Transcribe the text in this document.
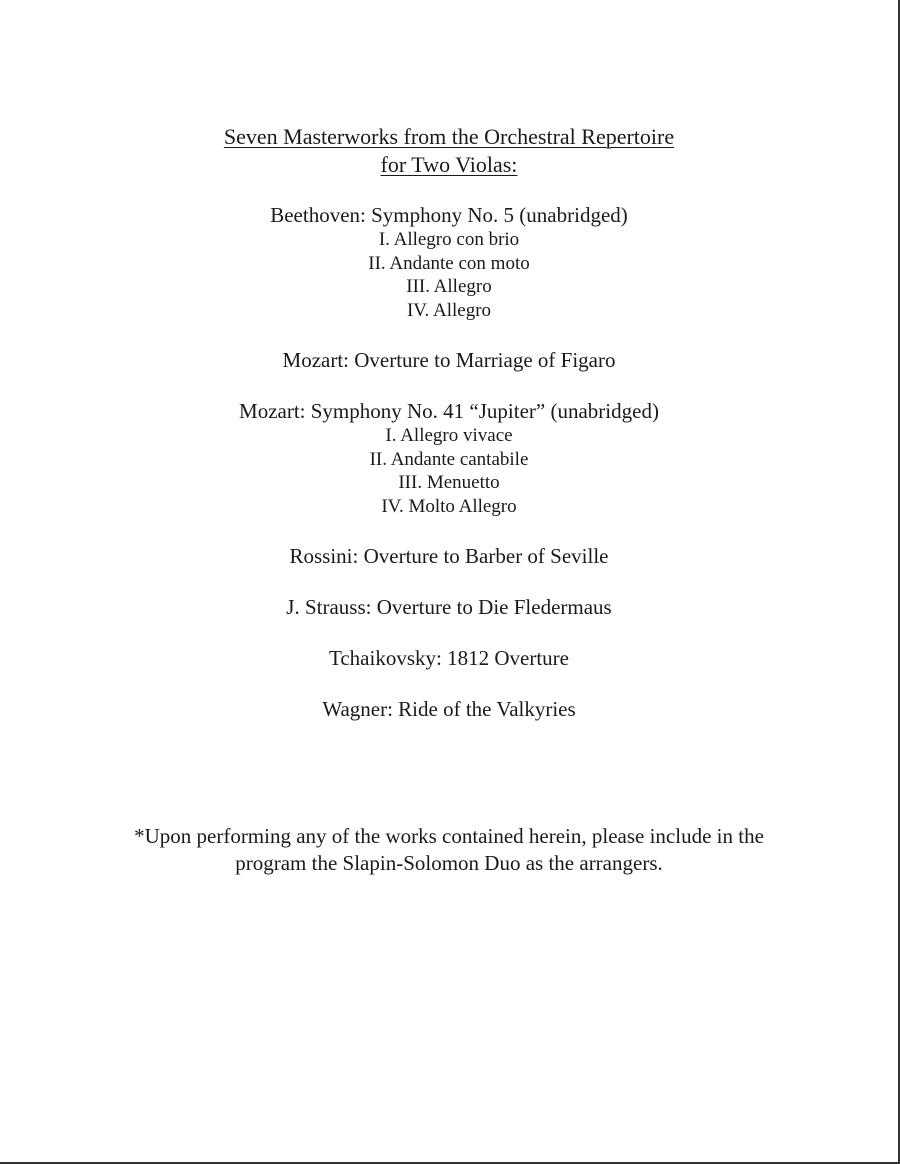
Seven Masterworks from the Orchestral Repertoire
for Two Violas:
Beethoven: Symphony No. 5 (unabridged)
I. Allegro con brio
II. Andante con moto
III. Allegro
IV. Allegro
Mozart: Overture to Marriage of Figaro
Mozart: Symphony No. 41 “Jupiter” (unabridged)
I. Allegro vivace
II. Andante cantabile
III. Menuetto
IV. Molto Allegro
Rossini: Overture to Barber of Seville
J. Strauss: Overture to Die Fledermaus
Tchaikovsky: 1812 Overture
Wagner: Ride of the Valkyries
*Upon performing any of the works contained herein, please include in the
program the Slapin-Solomon Duo as the arrangers.
